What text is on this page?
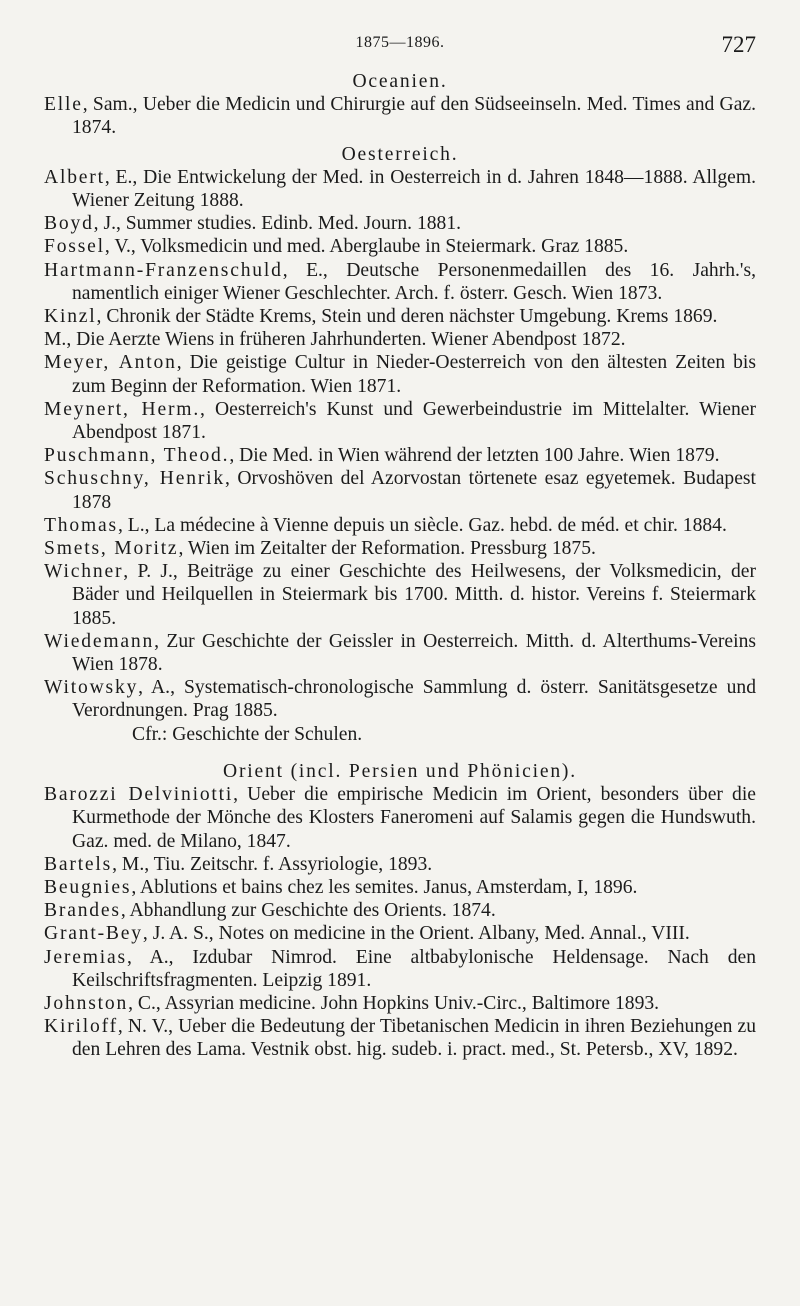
1875—1896.	727
Oceanien.
Elle, Sam., Ueber die Medicin und Chirurgie auf den Südseeinseln. Med. Times and Gaz. 1874.
Oesterreich.
Albert, E., Die Entwickelung der Med. in Oesterreich in d. Jahren 1848—1888. Allgem. Wiener Zeitung 1888.
Boyd, J., Summer studies. Edinb. Med. Journ. 1881.
Fossel, V., Volksmedicin und med. Aberglaube in Steiermark. Graz 1885.
Hartmann-Franzenschuld, E., Deutsche Personenmedaillen des 16. Jahrh.'s, namentlich einiger Wiener Geschlechter. Arch. f. österr. Gesch. Wien 1873.
Kinzl, Chronik der Städte Krems, Stein und deren nächster Umgebung. Krems 1869.
M., Die Aerzte Wiens in früheren Jahrhunderten. Wiener Abendpost 1872.
Meyer, Anton, Die geistige Cultur in Nieder-Oesterreich von den ältesten Zeiten bis zum Beginn der Reformation. Wien 1871.
Meynert, Herm., Oesterreich's Kunst und Gewerbeindustrie im Mittelalter. Wiener Abendpost 1871.
Puschmann, Theod., Die Med. in Wien während der letzten 100 Jahre. Wien 1879.
Schuschny, Henrik, Orvoshöven del Azorvostan törtenete esaz egyetemek. Budapest 1878
Thomas, L., La médecine à Vienne depuis un siècle. Gaz. hebd. de méd. et chir. 1884.
Smets, Moritz, Wien im Zeitalter der Reformation. Pressburg 1875.
Wichner, P. J., Beiträge zu einer Geschichte des Heilwesens, der Volksmedicin, der Bäder und Heilquellen in Steiermark bis 1700. Mitth. d. histor. Vereins f. Steiermark 1885.
Wiedemann, Zur Geschichte der Geissler in Oesterreich. Mitth. d. Alterthums-Vereins Wien 1878.
Witowsky, A., Systematisch-chronologische Sammlung d. österr. Sanitätsgesetze und Verordnungen. Prag 1885.
Cfr.: Geschichte der Schulen.
Orient (incl. Persien und Phönicien).
Barozzi Delviniotti, Ueber die empirische Medicin im Orient, besonders über die Kurmethode der Mönche des Klosters Faneromeni auf Salamis gegen die Hundswuth. Gaz. med. de Milano, 1847.
Bartels, M., Tiu. Zeitschr. f. Assyriologie, 1893.
Beugnies, Ablutions et bains chez les semites. Janus, Amsterdam, I, 1896.
Brandes, Abhandlung zur Geschichte des Orients. 1874.
Grant-Bey, J. A. S., Notes on medicine in the Orient. Albany, Med. Annal., VIII.
Jeremias, A., Izdubar Nimrod. Eine altbabylonische Heldensage. Nach den Keilschriftsfragmenten. Leipzig 1891.
Johnston, C., Assyrian medicine. John Hopkins Univ.-Circ., Baltimore 1893.
Kiriloff, N. V., Ueber die Bedeutung der Tibetanischen Medicin in ihren Beziehungen zu den Lehren des Lama. Vestnik obst. hig. sudeb. i. pract. med., St. Petersb., XV, 1892.
